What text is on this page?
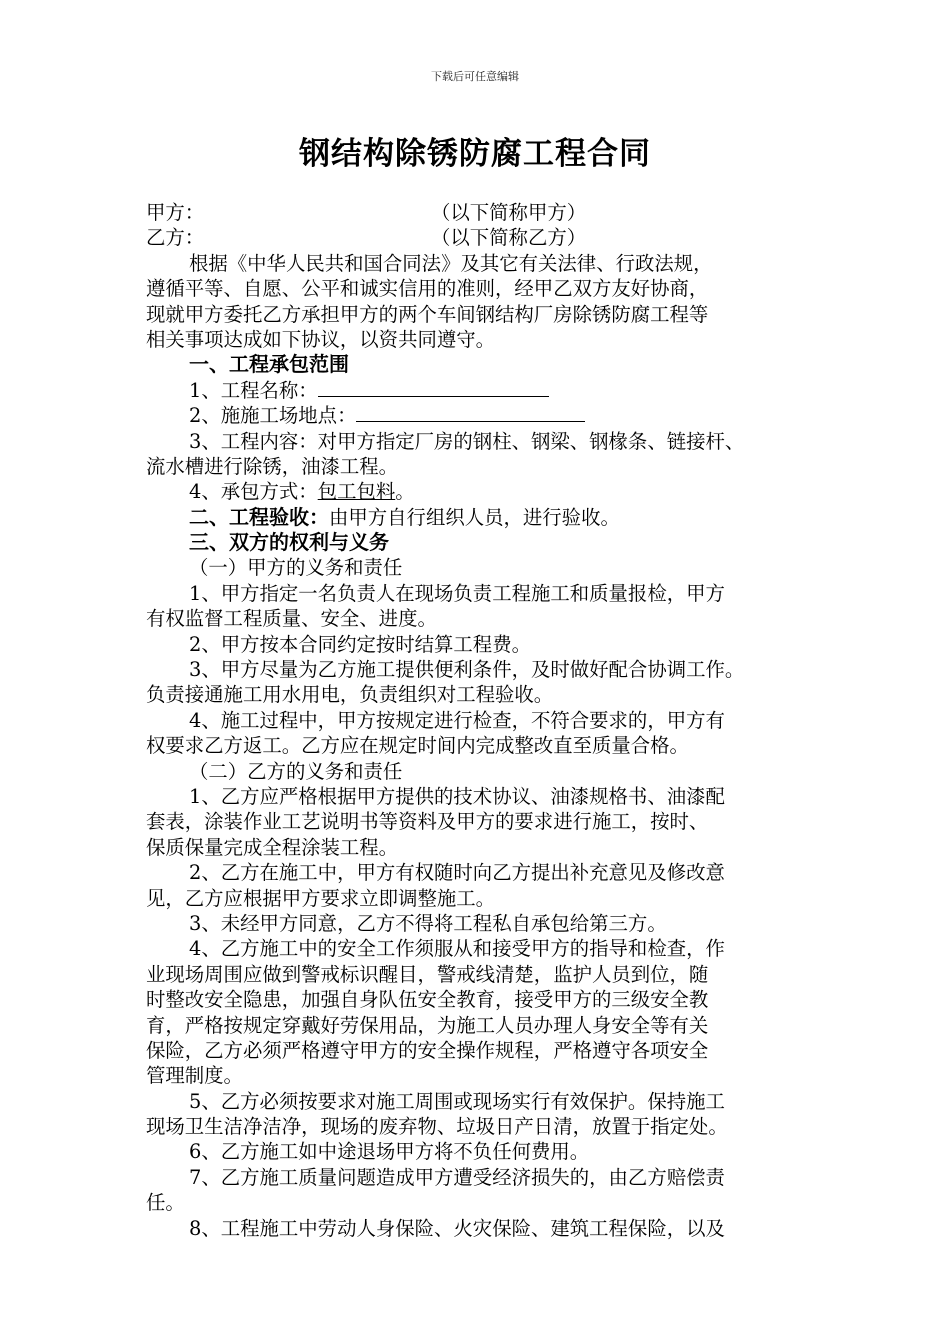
下载后可任意编辑
钢结构除锈防腐工程合同
甲方：	（以下简称甲方）
乙方：	（以下简称乙方）
根据《中华人民共和国合同法》及其它有关法律、行政法规，
遵循平等、自愿、公平和诚实信用的准则，经甲乙双方友好协商，
现就甲方委托乙方承担甲方的两个车间钢结构厂房除锈防腐工程等
相关事项达成如下协议，以资共同遵守。
一、工程承包范围
1、工程名称：
2、施施工场地点：
3、工程内容：对甲方指定厂房的钢柱、钢梁、钢椽条、链接杆、
流水槽进行除锈，油漆工程。
4、承包方式：包工包料。
二、工程验收：由甲方自行组织人员，进行验收。
三、双方的权利与义务
（一）甲方的义务和责任
1、甲方指定一名负责人在现场负责工程施工和质量报检，甲方
有权监督工程质量、安全、进度。
2、甲方按本合同约定按时结算工程费。
3、甲方尽量为乙方施工提供便利条件，及时做好配合协调工作。
负责接通施工用水用电，负责组织对工程验收。
4、施工过程中，甲方按规定进行检查，不符合要求的，甲方有
权要求乙方返工。乙方应在规定时间内完成整改直至质量合格。
（二）乙方的义务和责任
1、乙方应严格根据甲方提供的技术协议、油漆规格书、油漆配
套表，涂装作业工艺说明书等资料及甲方的要求进行施工，按时、
保质保量完成全程涂装工程。
2、乙方在施工中，甲方有权随时向乙方提出补充意见及修改意
见，乙方应根据甲方要求立即调整施工。
3、未经甲方同意，乙方不得将工程私自承包给第三方。
4、乙方施工中的安全工作须服从和接受甲方的指导和检查，作
业现场周围应做到警戒标识醒目，警戒线清楚，监护人员到位，随
时整改安全隐患，加强自身队伍安全教育，接受甲方的三级安全教
育，严格按规定穿戴好劳保用品，为施工人员办理人身安全等有关
保险，乙方必须严格遵守甲方的安全操作规程，严格遵守各项安全
管理制度。
5、乙方必须按要求对施工周围或现场实行有效保护。保持施工
现场卫生洁净洁净，现场的废弃物、垃圾日产日清，放置于指定处。
6、乙方施工如中途退场甲方将不负任何费用。
7、乙方施工质量问题造成甲方遭受经济损失的，由乙方赔偿责
任。
8、工程施工中劳动人身保险、火灾保险、建筑工程保险，以及
